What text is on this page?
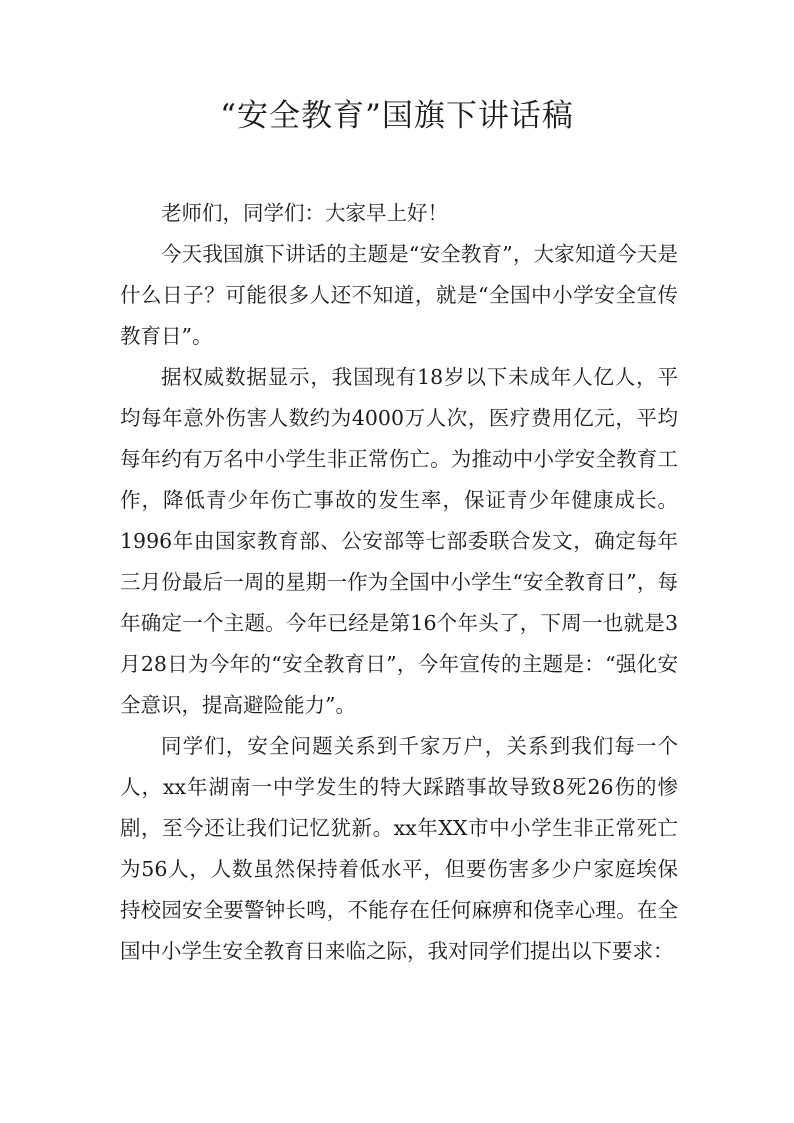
“安全教育”国旗下讲话稿

老师们，同学们：大家早上好！

今天我国旗下讲话的主题是“安全教育”，大家知道今天是什么日子？可能很多人还不知道，就是“全国中小学安全宣传教育日”。

据权威数据显示，我国现有18岁以下未成年人亿人，平均每年意外伤害人数约为4000万人次，医疗费用亿元，平均每年约有万名中小学生非正常伤亡。为推动中小学安全教育工作，降低青少年伤亡事故的发生率，保证青少年健康成长。1996年由国家教育部、公安部等七部委联合发文，确定每年三月份最后一周的星期一作为全国中小学生“安全教育日”，每年确定一个主题。今年已经是第16个年头了，下周一也就是3月28日为今年的“安全教育日”，今年宣传的主题是：“强化安全意识，提高避险能力”。

同学们，安全问题关系到千家万户，关系到我们每一个人，xx年湖南一中学发生的特大踩踏事故导致8死26伤的惨剧，至今还让我们记忆犹新。xx年XX市中小学生非正常死亡为56人，人数虽然保持着低水平，但要伤害多少户家庭埃保持校园安全要警钟长鸣，不能存在任何麻痹和侥幸心理。在全国中小学生安全教育日来临之际，我对同学们提出以下要求：
